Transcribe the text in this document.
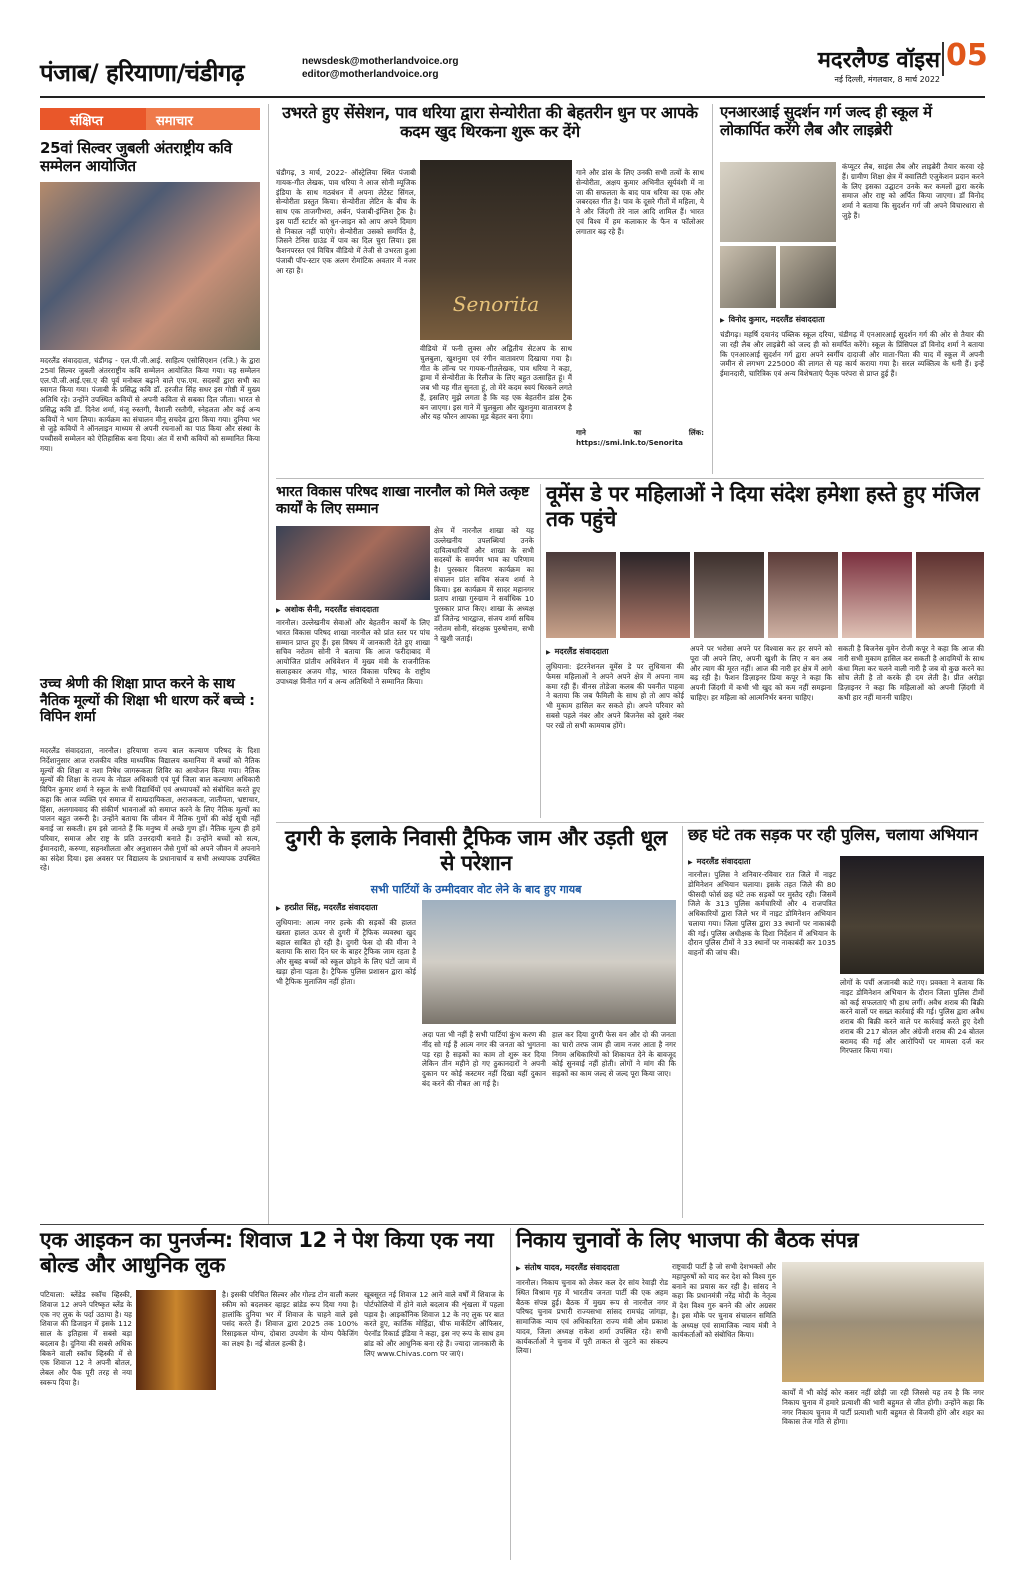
पंजाब/ हरियाणा/चंडीगढ़	newsdesk@motherlandvoice.org
editor@motherlandvoice.org
मदरलैण्ड वॉइस 05
नई दिल्ली, मंगलवार, 8 मार्च 2022
संक्षिप्त	समाचार
25वां सिल्वर जुबली अंतराष्ट्रीय कवि सम्मेलन आयोजित
मदरलैंड संवाददाता, चंडीगढ़ - एल.पी.जी.आई. साहित्य एसोसिएशन (रजि.) के द्वारा 25वां सिल्वर जुबली अंतरराष्ट्रीय कवि सम्मेलन आयोजित किया गया। यह सम्मेलन एल.पी.जी.आई.एस.ए की पूर्व मनोबल बढ़ाने वाले एफ.एम. सदस्यों द्वारा सभी का स्वागत किया गया। पंजाबी के प्रसिद्ध कवि डॉ. हरजीत सिंह सधर इस गोष्ठी में मुख्य अतिथि रहे। उन्होंने उपस्थित कवियों से अपनी कविता से सबका दिल जीता। भारत से प्रसिद्ध कवि डॉ. दिनेश शर्मा, मंजू रुस्तगी, वैशाली रस्तौगी, स्नेहलता और कई अन्य कवियों ने भाग लिया। कार्यक्रम का संचालन मीनू सचदेव द्वारा किया गया। दुनिया भर से जुड़े कवियों ने ऑनलाइन माध्यम से अपनी रचनाओं का पाठ किया और संस्था के पच्चीसवें सम्मेलन को ऐतिहासिक बना दिया। अंत में सभी कवियों को सम्मानित किया गया।
उच्च श्रेणी की शिक्षा प्राप्त करने के साथ नैतिक मूल्यों की शिक्षा भी धारण करें बच्चे : विपिन शर्मा
मदरलैंड संवाददाता, नारनौल। हरियाणा राज्य बाल कल्याण परिषद के दिशा निर्देशानुसार आज राजकीय वरिष्ठ माध्यमिक विद्यालय कमानिया में बच्चों को नैतिक मूल्यों की शिक्षा व नशा निषेध जागरूकता शिविर का आयोजन किया गया। नैतिक मूल्यों की शिक्षा के राज्य के नोडल अधिकारी एवं पूर्व जिला बाल कल्याण अधिकारी विपिन कुमार शर्मा ने स्कूल के सभी विद्यार्थियों एवं अध्यापकों को संबोधित करते हुए कहा कि आज व्यक्ति एवं समाज में साम्प्रदायिकता, अराजकता, जातीयता, भ्रष्टाचार, हिंसा, अलगाववाद की संकीर्ण भावनाओं को समाप्त करने के लिए नैतिक मूल्यों का पालन बहुत जरूरी है। उन्होंने बताया कि जीवन में नैतिक गुणों की कोई सूची नहीं बनाई जा सकती। हम इसे जानते हैं कि मनुष्य में अच्छे गुण हों। नैतिक मूल्य ही हमें परिवार, समाज और राष्ट्र के प्रति उत्तरदायी बनाते हैं। उन्होंने बच्चों को सत्य, ईमानदारी, करुणा, सहनशीलता और अनुशासन जैसे गुणों को अपने जीवन में अपनाने का संदेश दिया। इस अवसर पर विद्यालय के प्रधानाचार्य व सभी अध्यापक उपस्थित रहे।
उभरते हुए सेंसेशन, पाव धरिया द्वारा सेन्योरीता की बेहतरीन धुन पर आपके कदम खुद थिरकना शुरू कर देंगे
चंडीगढ़, 3 मार्च, 2022- ऑस्ट्रेलिया स्थित पंजाबी गायक-गीत लेखक, पाव धरिया ने आज सोनी म्यूजिक इंडिया के साथ गठबंधन में अपना लेटेस्ट सिंगल, सेन्योरीता प्रस्तुत किया। सेन्योरीता लेटिन के बीच के साथ एक ताजगीभरा, अर्बन, पंजाबी-इंग्लिश ट्रैक है। इस पार्टी स्टार्टर को धुन-लाइन को आप अपने दिमाग से निकाल नहीं पाएंगे। सेन्योरीता उसको समर्पित है, जिसने टेनिस ग्राउंड में पाव का दिल चुरा लिया। इस फैशनपरस्त एवं विचित्र वीडियो में तेजी से उभरता हुआ पंजाबी पॉप-स्टार एक अलग रोमांटिक अवतार में नजर आ रहा है।
Senorita
वीडियो में फनी लुक्स और अद्वितीय सेटअप के साथ चुलबुला, खुशनुमा एवं रंगीन वातावरण दिखाया गया है। गीत के लॉन्च पर गायक-गीतलेखक, पाव धरिया ने कहा, ड्रामा में सेन्योरीता के रिलीज के लिए बहुत उत्साहित हूं। मैं जब भी यह गीत सुनता हूं, तो मेरे कदम स्वयं थिरकने लगते हैं, इसलिए मुझे लगता है कि यह एक बेहतरीन डांस ट्रैक बन जाएगा। इस गाने में चुलबुला और खुशनुमा वातावरण है और यह फौरन आपका मूड बेहतर बना देगा।
गाने और डांस के लिए उनकी सभी तत्वों के साथ सेन्योरीता, अक्षय कुमार अभिनीत सूर्यवंशी में ना जा की सफलता के बाद पाव धरिया का एक और जबरदस्त गीत है। पाव के दूसरे गीतों में महिला, ये ने और जिंदगी तेरे नाल आदि शामिल हैं। भारत एवं विश्व में हम कलाकार के फैन व फॉलोअर लगातार बढ़ रहे हैं।
गाने का लिंक: https://smi.lnk.to/Senorita
एनआरआई सुदर्शन गर्ग जल्द ही स्कूल में लोकार्पित करेंगे लैब और लाइब्रेरी
कंप्यूटर लैब, साइंस लैब और लाइब्रेरी तैयार करवा रहे हैं। ग्रामीण शिक्षा क्षेत्र में क्वालिटी एजुकेशन प्रदान करने के लिए इसका उद्घाटन उनके कर कमलों द्वारा करके समाज और राष्ट्र को अर्पित किया जाएगा। डॉ विनोद शर्मा ने बताया कि सुदर्शन गर्ग जी अपने विचारधारा से जुड़े हैं।
▶ विनोद कुमार, मदरलैंड संवाददाता
चंडीगढ़। महर्षि दयानंद पब्लिक स्कूल दरिया, चंडीगढ़ में एनआरआई सुदर्शन गर्ग की ओर से तैयार की जा रही लैब और लाइब्रेरी को जल्द ही को समर्पित करेंगे। स्कूल के प्रिंसिपल डॉ विनोद शर्मा ने बताया कि एनआरआई सुदर्शन गर्ग द्वारा अपने स्वर्गीय दादाजी और माता-पिता की याद में स्कूल में अपनी जमीन से लगभग 225000 की लागत से यह कार्य कराया गया है। सरल व्यक्तित्व के धनी हैं। इन्हें ईमानदारी, चारित्रिक एवं अन्य विशेषताएं पैतृक परंपरा से प्राप्त हुई हैं।
भारत विकास परिषद शाखा नारनौल को मिले उत्कृष्ट कार्यों के लिए सम्मान
▶ अशोक सैनी, मदरलैंड संवाददाता
नारनौल। उल्लेखनीय सेवाओं और बेहतरीन कार्यों के लिए भारत विकास परिषद शाखा नारनौल को प्रांत स्तर पर पांच सम्मान प्राप्त हुए हैं। इस विषय में जानकारी देते हुए शाखा सचिव नरोतम सोनी ने बताया कि आज फरीदाबाद में आयोजित प्रांतीय अधिवेशन में मुख्य मंत्री के राजनीतिक सलाहकार अजय गौड़, भारत विकास परिषद के राष्ट्रीय उपाध्यक्ष विनीत गर्ग व अन्य अतिथियों ने सम्मानित किया।
क्षेत्र में नारनौल शाखा को यह उल्लेखनीय उपलब्धियां उनके दायित्वधारियों और शाखा के सभी सदस्यों के समर्पण भाव का परिणाम है। पुरस्कार वितरण कार्यक्रम का संचालन प्रांत सचिव संजय शर्मा ने किया। इस कार्यक्रम में सादर महानगर प्रताप शाखा गुरुग्राम ने सर्वाधिक 10 पुरस्कार प्राप्त किए। शाखा के अध्यक्ष डॉ जितेन्द्र भारद्वाज, संजय शर्मा सचिव नरोतम सोनी, संरक्षक पुरुषोत्तम, सभी ने खुशी जताई।
वूमेंस डे पर महिलाओं ने दिया संदेश हमेशा हस्ते हुए मंजिल तक पहुंचे
▶ मदरलैंड संवाददाता
लुधियाना: इंटरनेशनल वूमेंस डे पर लुधियाना की फेमस महिलाओं ने अपने अपने क्षेत्र में अपना नाम कमा रही हैं। वीनस तोडेजा कलब की पवनीत पाहवा ने बताया कि जब फैमिली के साथ हो तो आप कोई भी मुकाम हासिल कर सकते हो। अपने परिवार को सबसे पहले नंबर और अपने बिजनेस को दूसरे नंबर पर रखें तो सभी कामयाब होंगे।
अपने पर भरोसा अपने पर विश्वास कर हर सपने को पूरा जी अपने लिए, अपनी खुशी के लिए न बन अब और त्याग की मूरत नहीं। आज की नारी हर क्षेत्र में आगे बढ़ रही है। फैशन डिज़ाइनर प्रिया कपूर ने कहा कि अपनी जिंदगी में कभी भी खुद को कम नहीं समझना चाहिए। हर महिला को आत्मनिर्भर बनना चाहिए।
सकती है बिजनेस वूमेन रोजी कपूर ने कहा कि आज की नारी सभी मुकाम हासिल कर सकती है आदमियों के साथ कंधा मिला कर चलने वाली नारी है जब वो कुछ करने का सोच लेती है तो करके ही दम लेती है। प्रीत अरोड़ा डिज़ाइनर ने कहा कि महिलाओं को अपनी ज़िंदगी में कभी हार नहीं माननी चाहिए।
दुगरी के इलाके निवासी ट्रैफिक जाम और उड़ती धूल से परेशान
सभी पार्टियों के उम्मीदवार वोट लेने के बाद हुए गायब
▶ हरप्रीत सिंह, मदरलैंड संवाददाता
लुधियाना: आत्म नगर हल्के की सड़कों की हालत खस्ता हालत ऊपर से दुगरी में ट्रैफिक व्यवस्था खुद बहाल साबित हो रही है। दुगरी फेस दो की मीना ने बताया कि सारा दिन घर के बाहर ट्रैफिक जाम रहता है और सुबह बच्चों को स्कूल छोड़ने के लिए घंटों जाम में खड़ा होना पड़ता है। ट्रैफिक पुलिस प्रशासन द्वारा कोई भी ट्रैफिक मुलाजिम नहीं होता।
अदा पता भी नहीं है सभी पार्टियां कुंभ करण की नींद सो गई हैं आत्म नगर की जनता को भुगतना पड़ रहा है सड़कों का काम तो शुरू कर दिया लेकिन तीन महीने हो गए ठुकानदारों ने अपनी दुकान पर कोई कस्टमर नहीं दिखा यहीं दुकान बंद करने की नौबत आ गई है।
हाल कर दिया दुगरी फेस वन और दो की जनता का चारो तरफ जाम ही जाम नजर आता है नगर निगम अधिकारियों को शिकायत देने के बावजूद कोई सुनवाई नहीं होती। लोगों ने मांग की कि सड़कों का काम जल्द से जल्द पूरा किया जाए।
छह घंटे तक सड़क पर रही पुलिस, चलाया अभियान
▶ मदरलैंड संवाददाता
नारनौल। पुलिस ने शनिवार-रविवार रात जिले में नाइट डोमिनेशन अभियान चलाया। इसके तहत जिले की 80 फीसदी फोर्स छह घंटे तक सड़कों पर मुस्तैद रही। जिसमें जिले के 313 पुलिस कर्मचारियों और 4 राजपत्रित अधिकारियों द्वारा जिले भर में नाइट डोमिनेशन अभियान चलाया गया। जिला पुलिस द्वारा 33 स्थानों पर नाकाबंदी की गई। पुलिस अधीक्षक के दिशा निर्देशन में अभियान के दौरान पुलिस टीमों ने 33 स्थानों पर नाकाबंदी कर 1035 वाहनों की जांच की।
लोगों के पर्ची अजानबी काटे गए। प्रवक्ता ने बताया कि नाइट डोमिनेशन अभियान के दौरान जिला पुलिस टीमों को कई सफलताएं भी हाथ लगीं। अवैध शराब की बिक्री करने वालों पर सख्त कार्रवाई की गई। पुलिस द्वारा अवैध शराब की बिक्री करने वाले पर कार्रवाई करते हुए देशी शराब की 217 बोतल और अंग्रेजी शराब की 24 बोतल बरामद की गई और आरोपियों पर मामला दर्ज कर गिरफ्तार किया गया।
एक आइकन का पुनर्जन्म: शिवाज 12 ने पेश किया एक नया बोल्ड और आधुनिक लुक
पटियाला: ब्लेंडेड स्कॉच व्हिस्की, शिवाज 12 अपने परिष्कृत ब्लेंड के एक नए लुक के पर्दा उठाया है। यह शिवाज की डिजाइन में इसके 112 साल के इतिहास में सबसे बड़ा बदलाव है। दुनिया की सबसे अधिक बिकने वाली स्कॉच व्हिस्की में से एक शिवाज 12 ने अपनी बोतल, लेबल और पैक पूरी तरह से नया स्वरूप दिया है।
है। इसकी परिचित सिल्वर और गोल्ड टोन वाली कलर स्कीम को बदलकर व्हाइट ब्रांडेड रूप दिया गया है। हालांकि दुनिया भर में शिवाज के चाहने वाले इसे पसंद करते हैं। शिवाज द्वारा 2025 तक 100% रिसाइकल योग्य, दोबारा उपयोग के योग्य पैकेजिंग का लक्ष्य है। नई बोतल हल्की है।
खूबसूरत नई शिवाज 12 आने वाले वर्षों में शिवाज के पोर्टफोलियो में होने वाले बदलाव की शृंखला में पहला पड़ाव है। आइकॉनिक शिवाज 12 के नए लुक पर बात करते हुए, कार्तिक मोहिंद्रा, चीफ मार्केटिंग ऑफिसर, पेरनॉड रिकार्ड इंडिया ने कहा, इस नए रूप के साथ हम ब्रांड को और आधुनिक बना रहे हैं। ज्यादा जानकारी के लिए www.Chivas.com पर जाएं।
निकाय चुनावों के लिए भाजपा की बैठक संपन्न
▶ संतोष यादव, मदरलैंड संवाददाता
नारनौल। निकाय चुनाव को लेकर कल देर सांय रेवाड़ी रोड स्थित विश्राम गृह में भारतीय जनता पार्टी की एक अहम बैठक संपन्न हुई। बैठक में मुख्य रूप से नारनौल नगर परिषद चुनाव प्रभारी राज्यसभा सांसद रामचंद्र जांगड़ा, सामाजिक न्याय एवं अधिकारिता राज्य मंत्री ओम प्रकाश यादव, जिला अध्यक्ष राकेश शर्मा उपस्थित रहे। सभी कार्यकर्ताओं ने चुनाव में पूरी ताकत से जुटने का संकल्प लिया।
राष्ट्रवादी पार्टी है जो सभी देशभक्तों और महापुरुषों को याद कर देश को विश्व गुरु बनाने का प्रयास कर रही है। सांसद ने कहा कि प्रधानमंत्री नरेंद्र मोदी के नेतृत्व में देश विश्व गुरु बनने की ओर अग्रसर है। इस मौके पर चुनाव संचालन समिति के अध्यक्ष एवं सामाजिक न्याय मंत्री ने कार्यकर्ताओं को संबोधित किया।
कार्यों में भी कोई कोर कसर नहीं छोड़ी जा रही जिससे यह तय है कि नगर निकाय चुनाव में हमारे प्रत्याशी की भारी बहुमत से जीत होगी। उन्होंने कहा कि नगर निकाय चुनाव में पार्टी प्रत्याशी भारी बहुमत से विजयी होंगे और शहर का विकास तेज गति से होगा।
